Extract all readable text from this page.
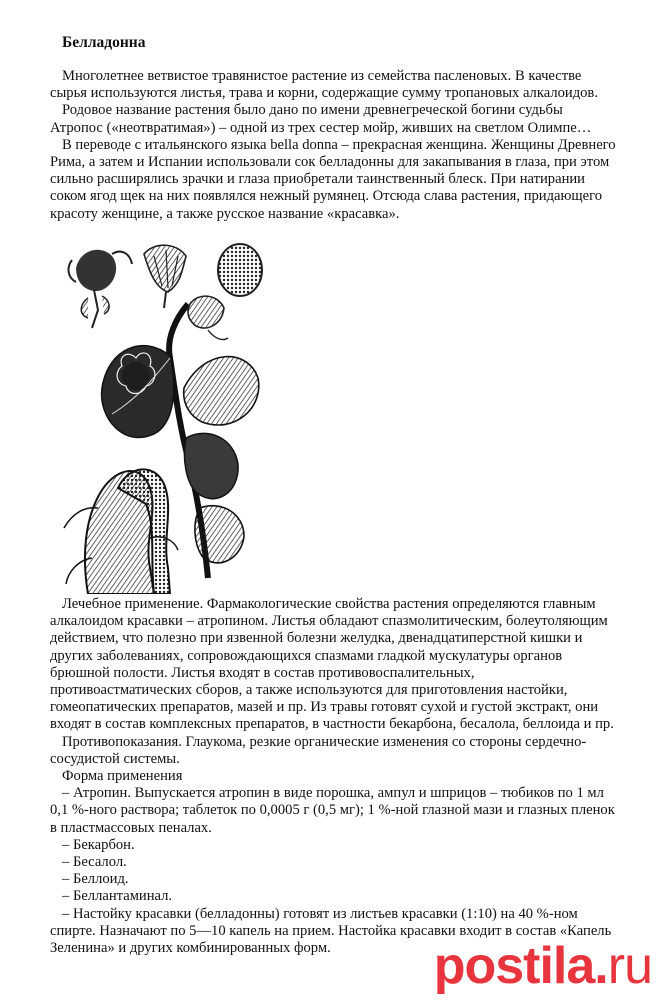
Белладонна
Многолетнее ветвистое травянистое растение из семейства пасленовых. В качестве
сырья используются листья, трава и корни, содержащие сумму тропановых алкалоидов.
Родовое название растения было дано по имени древнегреческой богини судьбы
Атропос («неотвратимая») – одной из трех сестер мойр, живших на светлом Олимпе…
В переводе с итальянского языка bella donna – прекрасная женщина. Женщины Древнего
Рима, а затем и Испании использовали сок белладонны для закапывания в глаза, при этом
сильно расширялись зрачки и глаза приобретали таинственный блеск. При натирании
соком ягод щек на них появлялся нежный румянец. Отсюда слава растения, придающего
красоту женщине, а также русское название «красавка».
Лечебное применение. Фармакологические свойства растения определяются главным
алкалоидом красавки – атропином. Листья обладают спазмолитическим, болеутоляющим
действием, что полезно при язвенной болезни желудка, двенадцатиперстной кишки и
других заболеваниях, сопровождающихся спазмами гладкой мускулатуры органов
брюшной полости. Листья входят в состав противовоспалительных,
противоастматических сборов, а также используются для приготовления настойки,
гомеопатических препаратов, мазей и пр. Из травы готовят сухой и густой экстракт, они
входят в состав комплексных препаратов, в частности бекарбона, бесалола, беллоида и пр.
Противопоказания. Глаукома, резкие органические изменения со стороны сердечно-
сосудистой системы.
Форма применения
– Атропин. Выпускается атропин в виде порошка, ампул и шприцов – тюбиков по 1 мл
0,1 %-ного раствора; таблеток по 0,0005 г (0,5 мг); 1 %-ной глазной мази и глазных пленок
в пластмассовых пеналах.
– Бекарбон.
– Бесалол.
– Беллоид.
– Беллантаминал.
– Настойку красавки (белладонны) готовят из листьев красавки (1:10) на 40 %-ном
спирте. Назначают по 5—10 капель на прием. Настойка красавки входит в состав «Капель
Зеленина» и других комбинированных форм.	postila.ru
